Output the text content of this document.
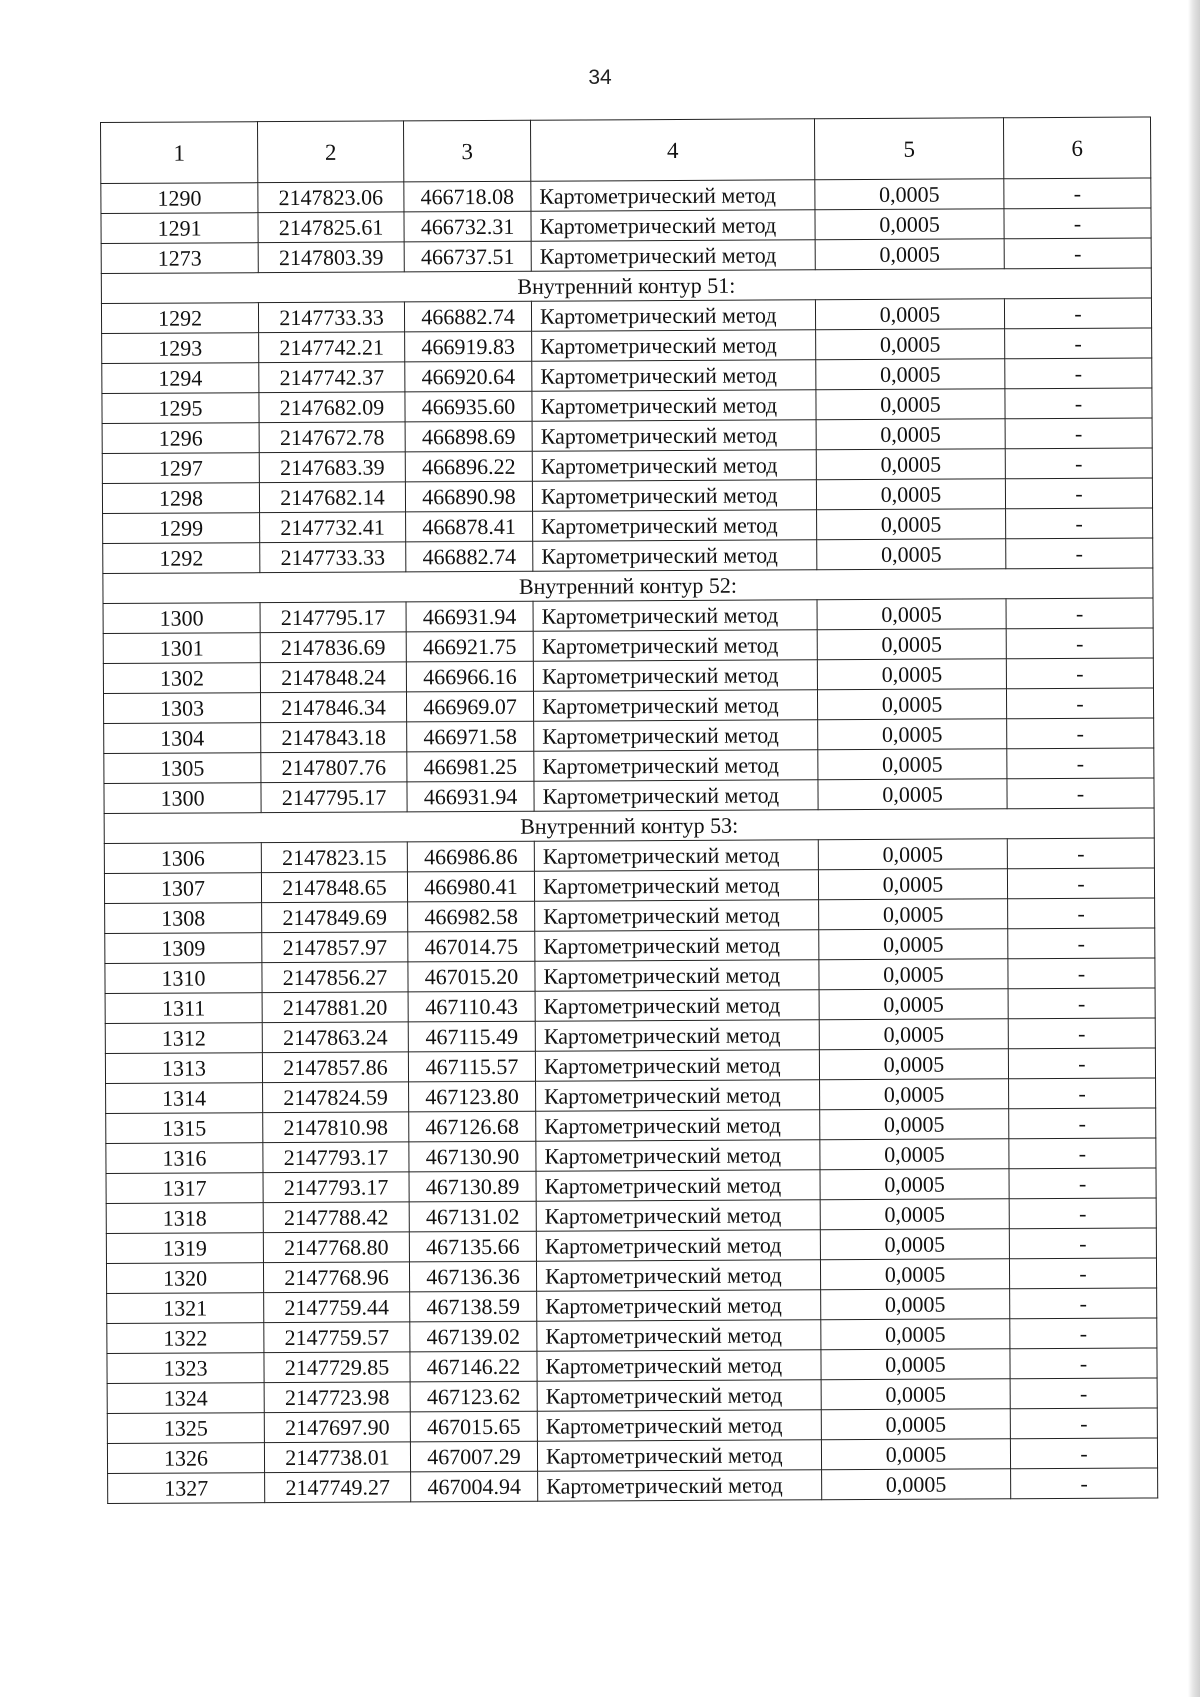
34
1	2	3	4	5	6
1290	2147823.06	466718.08	Картометрический метод	0,0005	-
1291	2147825.61	466732.31	Картометрический метод	0,0005	-
1273	2147803.39	466737.51	Картометрический метод	0,0005	-
Внутренний контур 51:					
1292	2147733.33	466882.74	Картометрический метод	0,0005	-
1293	2147742.21	466919.83	Картометрический метод	0,0005	-
1294	2147742.37	466920.64	Картометрический метод	0,0005	-
1295	2147682.09	466935.60	Картометрический метод	0,0005	-
1296	2147672.78	466898.69	Картометрический метод	0,0005	-
1297	2147683.39	466896.22	Картометрический метод	0,0005	-
1298	2147682.14	466890.98	Картометрический метод	0,0005	-
1299	2147732.41	466878.41	Картометрический метод	0,0005	-
1292	2147733.33	466882.74	Картометрический метод	0,0005	-
Внутренний контур 52:					
1300	2147795.17	466931.94	Картометрический метод	0,0005	-
1301	2147836.69	466921.75	Картометрический метод	0,0005	-
1302	2147848.24	466966.16	Картометрический метод	0,0005	-
1303	2147846.34	466969.07	Картометрический метод	0,0005	-
1304	2147843.18	466971.58	Картометрический метод	0,0005	-
1305	2147807.76	466981.25	Картометрический метод	0,0005	-
1300	2147795.17	466931.94	Картометрический метод	0,0005	-
Внутренний контур 53:					
1306	2147823.15	466986.86	Картометрический метод	0,0005	-
1307	2147848.65	466980.41	Картометрический метод	0,0005	-
1308	2147849.69	466982.58	Картометрический метод	0,0005	-
1309	2147857.97	467014.75	Картометрический метод	0,0005	-
1310	2147856.27	467015.20	Картометрический метод	0,0005	-
1311	2147881.20	467110.43	Картометрический метод	0,0005	-
1312	2147863.24	467115.49	Картометрический метод	0,0005	-
1313	2147857.86	467115.57	Картометрический метод	0,0005	-
1314	2147824.59	467123.80	Картометрический метод	0,0005	-
1315	2147810.98	467126.68	Картометрический метод	0,0005	-
1316	2147793.17	467130.90	Картометрический метод	0,0005	-
1317	2147793.17	467130.89	Картометрический метод	0,0005	-
1318	2147788.42	467131.02	Картометрический метод	0,0005	-
1319	2147768.80	467135.66	Картометрический метод	0,0005	-
1320	2147768.96	467136.36	Картометрический метод	0,0005	-
1321	2147759.44	467138.59	Картометрический метод	0,0005	-
1322	2147759.57	467139.02	Картометрический метод	0,0005	-
1323	2147729.85	467146.22	Картометрический метод	0,0005	-
1324	2147723.98	467123.62	Картометрический метод	0,0005	-
1325	2147697.90	467015.65	Картометрический метод	0,0005	-
1326	2147738.01	467007.29	Картометрический метод	0,0005	-
1327	2147749.27	467004.94	Картометрический метод	0,0005	-
